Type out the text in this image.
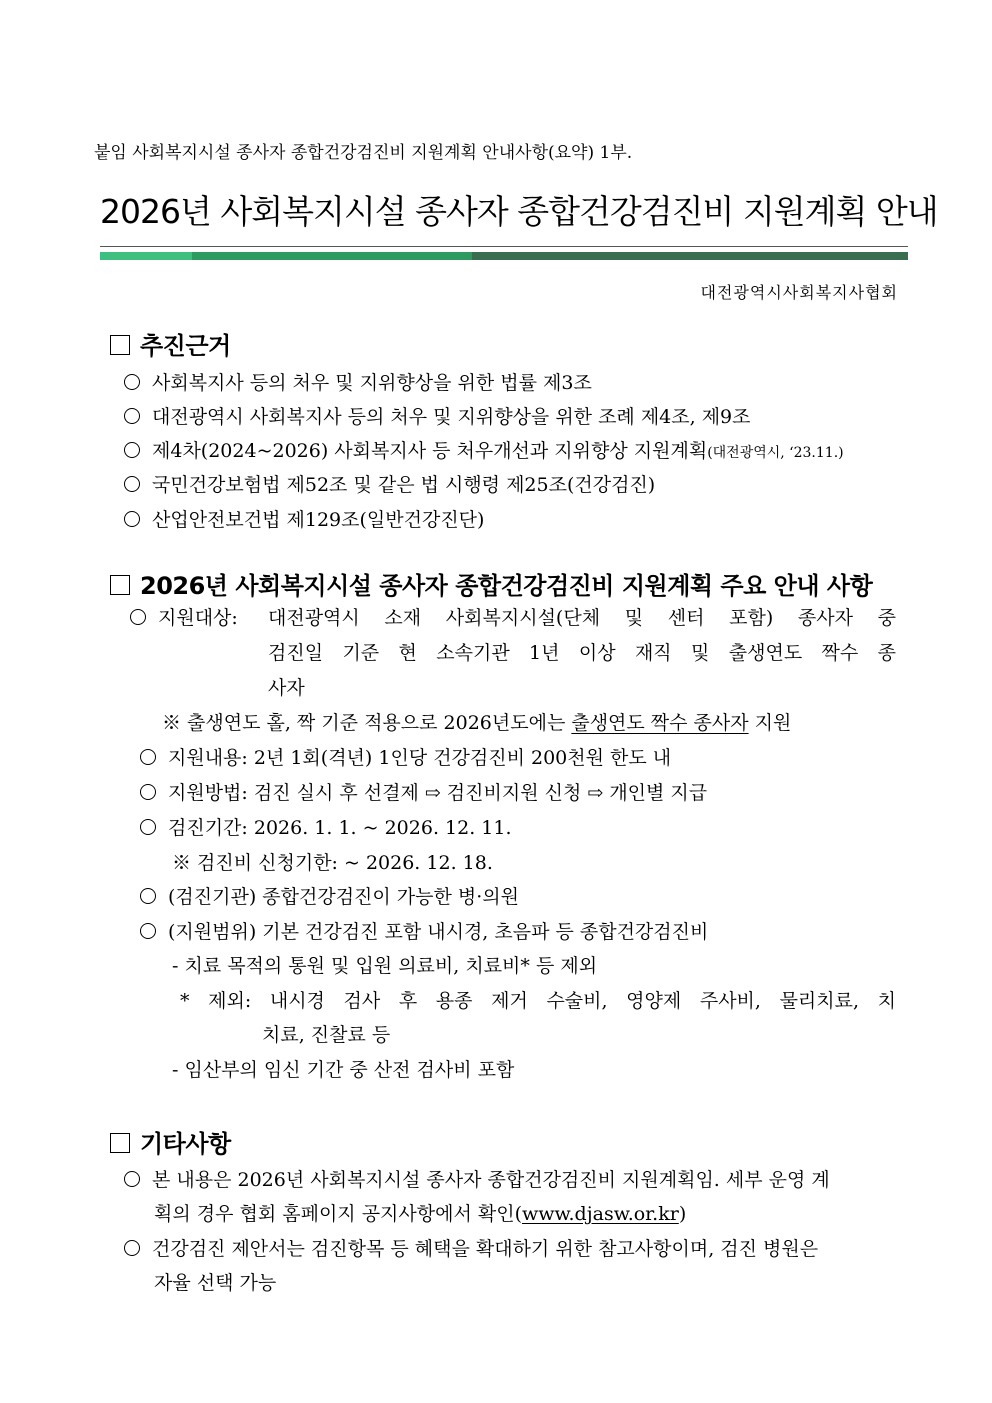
붙임 사회복지시설 종사자 종합건강검진비 지원계획 안내사항(요약) 1부.
2026년 사회복지시설 종사자 종합건강검진비 지원계획 안내
대전광역시사회복지사협회
추진근거
사회복지사 등의 처우 및 지위향상을 위한 법률 제3조
대전광역시 사회복지사 등의 처우 및 지위향상을 위한 조례 제4조, 제9조
제4차(2024~2026) 사회복지사 등 처우개선과 지위향상 지원계획(대전광역시, ‘23.11.)
국민건강보험법 제52조 및 같은 법 시행령 제25조(건강검진)
산업안전보건법 제129조(일반건강진단)
2026년 사회복지시설 종사자 종합건강검진비 지원계획 주요 안내 사항
지원대상: 대전광역시 소재 사회복지시설(단체 및 센터 포함) 종사자 중
검진일 기준 현 소속기관 1년 이상 재직 및 출생연도 짝수 종
사자
※ 출생연도 홀, 짝 기준 적용으로 2026년도에는 출생연도 짝수 종사자 지원
지원내용: 2년 1회(격년) 1인당 건강검진비 200천원 한도 내
지원방법: 검진 실시 후 선결제 ⇨ 검진비지원 신청 ⇨ 개인별 지급
검진기간: 2026. 1. 1. ~ 2026. 12. 11.
※ 검진비 신청기한: ~ 2026. 12. 18.
(검진기관) 종합건강검진이 가능한 병·의원
(지원범위) 기본 건강검진 포함 내시경, 초음파 등 종합건강검진비
- 치료 목적의 통원 및 입원 의료비, 치료비* 등 제외
* 제외: 내시경 검사 후 용종 제거 수술비, 영양제 주사비, 물리치료, 치
치료, 진찰료 등
- 임산부의 임신 기간 중 산전 검사비 포함
기타사항
본 내용은 2026년 사회복지시설 종사자 종합건강검진비 지원계획임. 세부 운영 계
획의 경우 협회 홈페이지 공지사항에서 확인(www.djasw.or.kr)
건강검진 제안서는 검진항목 등 혜택을 확대하기 위한 참고사항이며, 검진 병원은
자율 선택 가능
